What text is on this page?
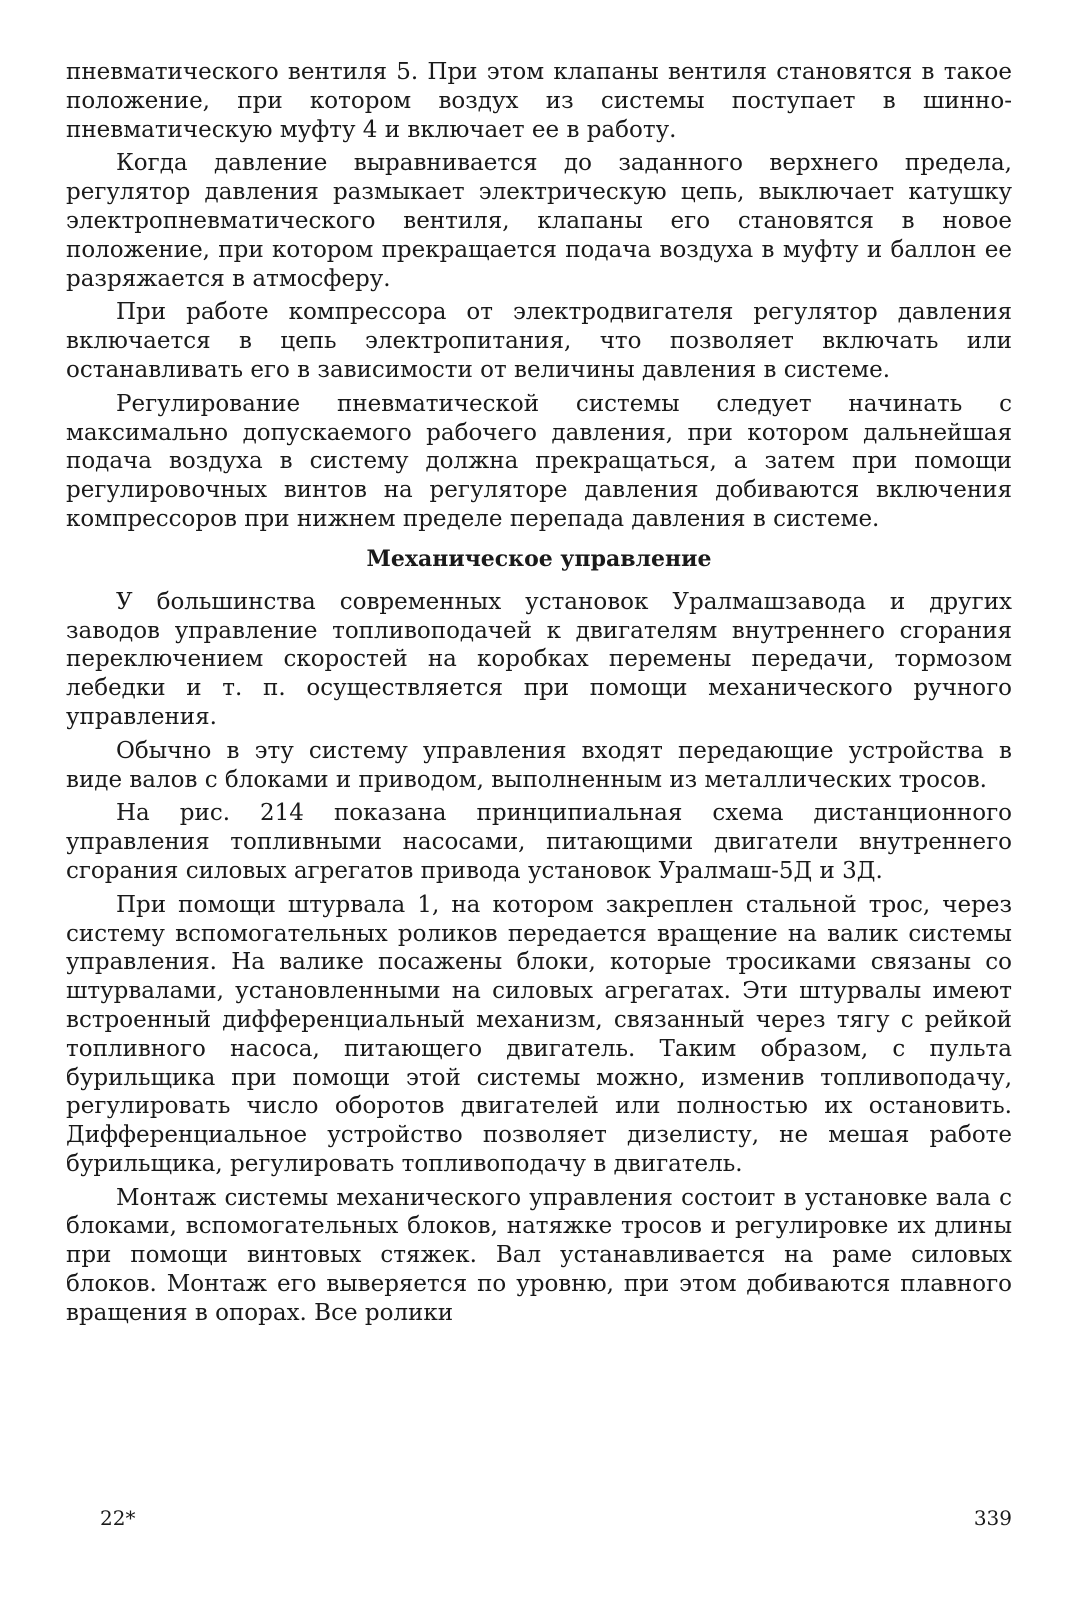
пневматического вентиля 5. При этом клапаны вентиля становятся в такое положение, при котором воздух из системы поступает в шинно-пневматическую муфту 4 и включает ее в работу.

Когда давление выравнивается до заданного верхнего предела, регулятор давления размыкает электрическую цепь, выключает катушку электропневматического вентиля, клапаны его становятся в новое положение, при котором прекращается подача воздуха в муфту и баллон ее разряжается в атмосферу.

При работе компрессора от электродвигателя регулятор давления включается в цепь электропитания, что позволяет включать или останавливать его в зависимости от величины давления в системе.

Регулирование пневматической системы следует начинать с максимально допускаемого рабочего давления, при котором дальнейшая подача воздуха в систему должна прекращаться, а затем при помощи регулировочных винтов на регуляторе давления добиваются включения компрессоров при нижнем пределе перепада давления в системе.

Механическое управление

У большинства современных установок Уралмашзавода и других заводов управление топливоподачей к двигателям внутреннего сгорания переключением скоростей на коробках перемены передачи, тормозом лебедки и т. п. осуществляется при помощи механического ручного управления.

Обычно в эту систему управления входят передающие устройства в виде валов с блоками и приводом, выполненным из металлических тросов.

На рис. 214 показана принципиальная схема дистанционного управления топливными насосами, питающими двигатели внутреннего сгорания силовых агрегатов привода установок Уралмаш-5Д и 3Д.

При помощи штурвала 1, на котором закреплен стальной трос, через систему вспомогательных роликов передается вращение на валик системы управления. На валике посажены блоки, которые тросиками связаны со штурвалами, установленными на силовых агрегатах. Эти штурвалы имеют встроенный дифференциальный механизм, связанный через тягу с рейкой топливного насоса, питающего двигатель. Таким образом, с пульта бурильщика при помощи этой системы можно, изменив топливоподачу, регулировать число оборотов двигателей или полностью их остановить. Дифференциальное устройство позволяет дизелисту, не мешая работе бурильщика, регулировать топливоподачу в двигатель.

Монтаж системы механического управления состоит в установке вала с блоками, вспомогательных блоков, натяжке тросов и регулировке их длины при помощи винтовых стяжек. Вал устанавливается на раме силовых блоков. Монтаж его выверяется по уровню, при этом добиваются плавного вращения в опорах. Все ролики

22*	339
